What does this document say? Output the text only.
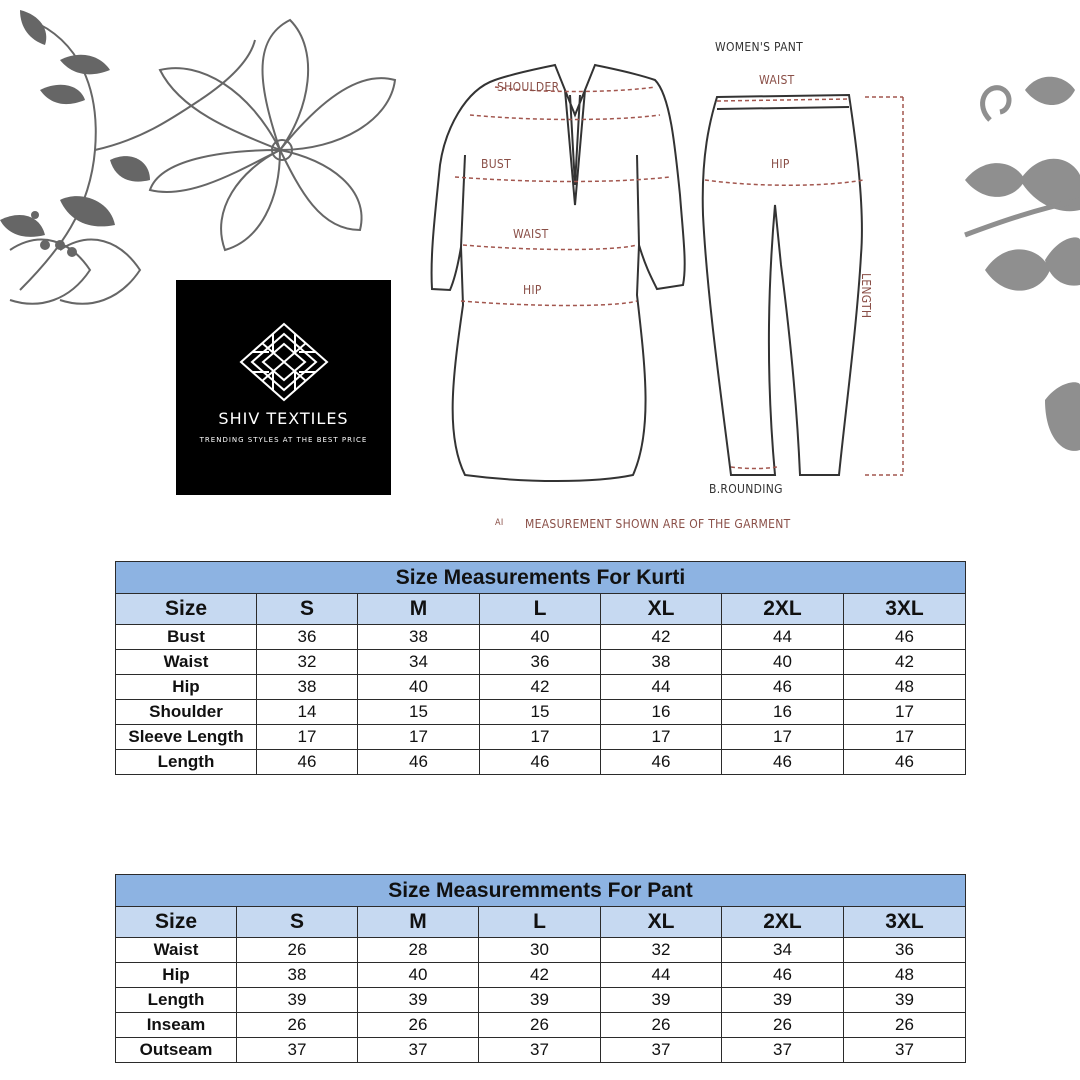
SHIV TEXTILES
TRENDING STYLES AT THE BEST PRICE
WOMEN'S PANT
SHOULDER
BUST
WAIST
HIP
WAIST
HIP
LENGTH
B.ROUNDING
AI MEASUREMENT SHOWN ARE OF THE GARMENT
Size Measurements For Kurti						
Size	S	M	L	XL	2XL	3XL
Bust	36	38	40	42	44	46
Waist	32	34	36	38	40	42
Hip	38	40	42	44	46	48
Shoulder	14	15	15	16	16	17
Sleeve Length	17	17	17	17	17	17
Length	46	46	46	46	46	46
Size Measuremments For Pant						
Size	S	M	L	XL	2XL	3XL
Waist	26	28	30	32	34	36
Hip	38	40	42	44	46	48
Length	39	39	39	39	39	39
Inseam	26	26	26	26	26	26
Outseam	37	37	37	37	37	37
